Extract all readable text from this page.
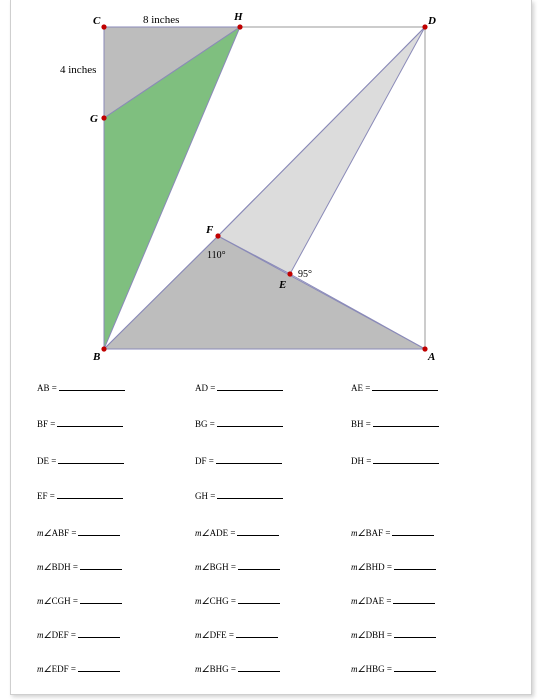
C	H	D
G
F
E
B	A
8 inches
4 inches
110°
95°
AB =	AD =	AE =
BF =	BG =	BH =
DE =	DF =	DH =
EF =	GH =
m∠ABF =	m∠ADE =	m∠BAF =
m∠BDH =	m∠BGH =	m∠BHD =
m∠CGH =	m∠CHG =	m∠DAE =
m∠DEF =	m∠DFE =	m∠DBH =
m∠EDF =	m∠BHG =	m∠HBG =
